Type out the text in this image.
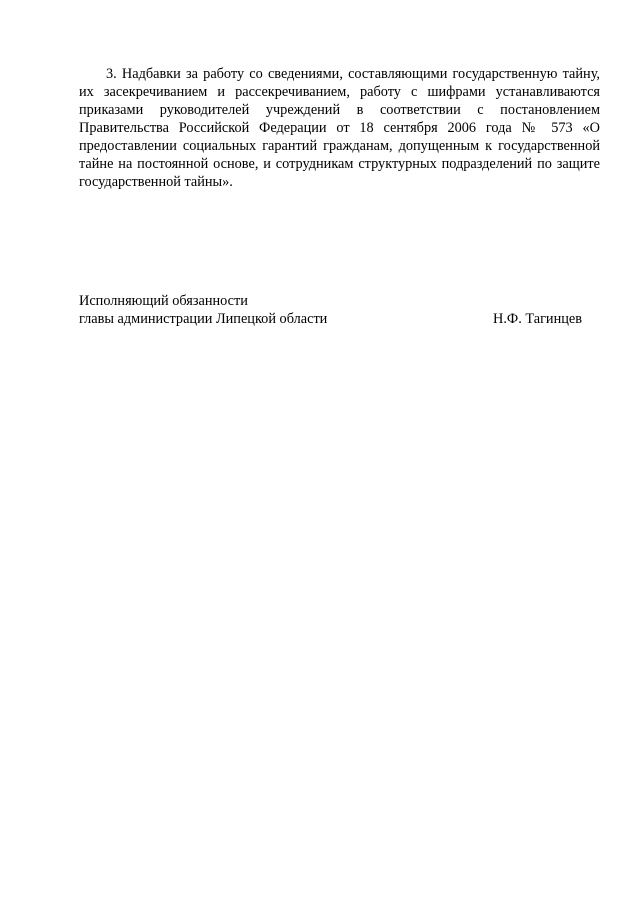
3. Надбавки за работу со сведениями, составляющими государственную тайну, их засекречиванием и рассекречиванием, работу с шифрами устанавливаются приказами руководителей учреждений в соответствии с постановлением Правительства Российской Федерации от 18 сентября 2006 года № 573 «О предоставлении социальных гарантий гражданам, допущенным к государственной тайне на постоянной основе, и сотрудникам структурных подразделений по защите государственной тайны».

Исполняющий обязанности
главы администрации Липецкой области	Н.Ф. Тагинцев
